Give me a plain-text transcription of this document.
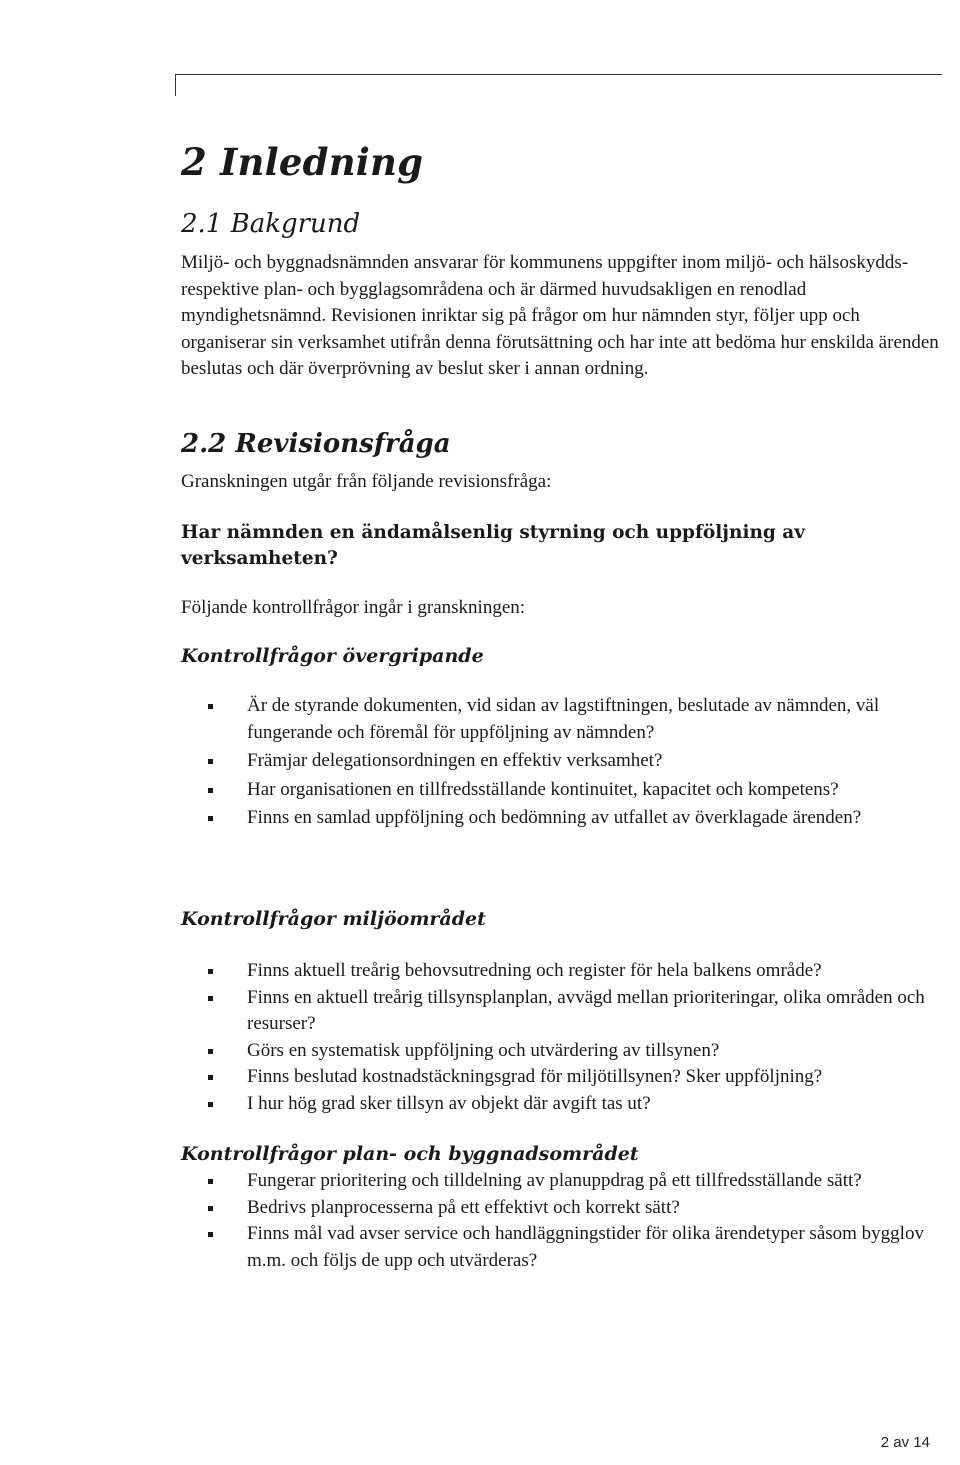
2 Inledning
2.1 Bakgrund

Miljö- och byggnadsnämnden ansvarar för kommunens uppgifter inom miljö- och hälsoskydds- respektive plan- och bygglagsområdena och är därmed huvudsakligen en renodlad myndighetsnämnd. Revisionen inriktar sig på frågor om hur nämnden styr, följer upp och organiserar sin verksamhet utifrån denna förutsättning och har inte att bedöma hur enskilda ärenden beslutas och där överprövning av beslut sker i annan ordning.

2.2 Revisionsfråga

Granskningen utgår från följande revisionsfråga:

Har nämnden en ändamålsenlig styrning och uppföljning av verksamheten?

Följande kontrollfrågor ingår i granskningen:

Kontrollfrågor övergripande
Är de styrande dokumenten, vid sidan av lagstiftningen, beslutade av nämnden, väl fungerande och föremål för uppföljning av nämnden?
Främjar delegationsordningen en effektiv verksamhet?
Har organisationen en tillfredsställande kontinuitet, kapacitet och kompetens?
Finns en samlad uppföljning och bedömning av utfallet av överklagade ärenden?
Kontrollfrågor miljöområdet
Finns aktuell treårig behovsutredning och register för hela balkens område?
Finns en aktuell treårig tillsynsplanplan, avvägd mellan prioriteringar, olika områden och resurser?
Görs en systematisk uppföljning och utvärdering av tillsynen?
Finns beslutad kostnadstäckningsgrad för miljötillsynen? Sker uppföljning?
I hur hög grad sker tillsyn av objekt där avgift tas ut?
Kontrollfrågor plan- och byggnadsområdet
Fungerar prioritering och tilldelning av planuppdrag på ett tillfredsställande sätt?
Bedrivs planprocesserna på ett effektivt och korrekt sätt?
Finns mål vad avser service och handläggningstider för olika ärendetyper såsom bygglov m.m. och följs de upp och utvärderas?
2 av 14
